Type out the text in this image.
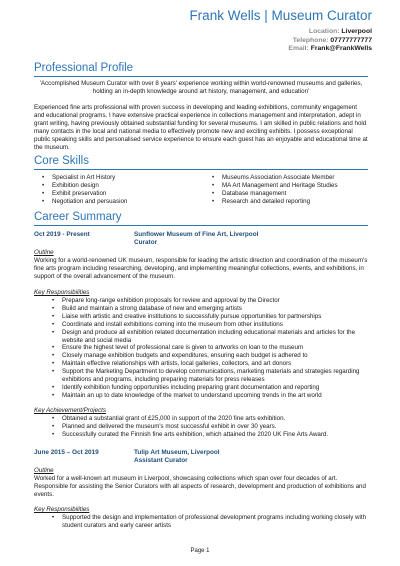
Frank Wells | Museum Curator
Location: Liverpool
Telephone: 07777777777
Email: Frank@FrankWells
Professional Profile
'Accomplished Museum Curator with over 8 years' experience working within world-renowned museums and galleries, holding an in-depth knowledge around art history, management, and education'
Experienced fine arts professional with proven success in developing and leading exhibitions, community engagement and educational programs. I have extensive practical experience in collections management and interpretation, adept in grant writing, having previously obtained substantial funding for several museums. I am skilled in public relations and hold many contacts in the local and national media to effectively promote new and exciting exhibits. I possess exceptional public speaking skills and personalised service experience to ensure each guest has an enjoyable and educational time at the museum.
Core Skills
• Specialist in Art History
• Exhibition design
• Exhibit preservation
• Negotiation and persuasion
• Museums Association Associate Member
• MA Art Management and Heritage Studies
• Database management
• Research and detailed reporting
Career Summary
Oct 2019 - Present	Sunflower Museum of Fine Art, Liverpool
Curator
Outline
Working for a world-renowned UK museum, responsible for leading the artistic direction and coordination of the museum's fine arts program including researching, developing, and implementing meaningful collections, events, and exhibitions, in support of the overall advancement of the museum.
Key Responsibilities
• Prepare long-range exhibition proposals for review and approval by the Director
• Build and maintain a strong database of new and emerging artists
• Liaise with artistic and creative institutions to successfully pursue opportunities for partnerships
• Coordinate and install exhibitions coming into the museum from other institutions
• Design and produce all exhibition related documentation including educational materials and articles for the website and social media
• Ensure the highest level of professional care is given to artworks on loan to the museum
• Closely manage exhibition budgets and expenditures, ensuring each budget is adhered to
• Maintain effective relationships with artists, local galleries, collectors, and art donors
• Support the Marketing Department to develop communications, marketing materials and strategies regarding exhibitions and programs, including preparing materials for press releases
• Identify exhibition funding opportunities including preparing grant documentation and reporting
• Maintain an up to date knowledge of the market to understand upcoming trends in the art world
Key Achievement/Projects
• Obtained a substantial grant of £25,000 in support of the 2020 fine arts exhibition.
• Planned and delivered the museum's most successful exhibit in over 30 years.
• Successfully curated the Finnish fine arts exhibition, which attained the 2020 UK Fine Arts Award.
June 2015 – Oct 2019	Tulip Art Museum, Liverpool
Assistant Curator
Outline
Worked for a well-known art museum in Liverpool, showcasing collections which span over four decades of art. Responsible for assisting the Senior Curators with all aspects of research, development and production of exhibitions and events.
Key Responsibilities
• Supported the design and implementation of professional development programs including working closely with student curators and early career artists
Page 1
